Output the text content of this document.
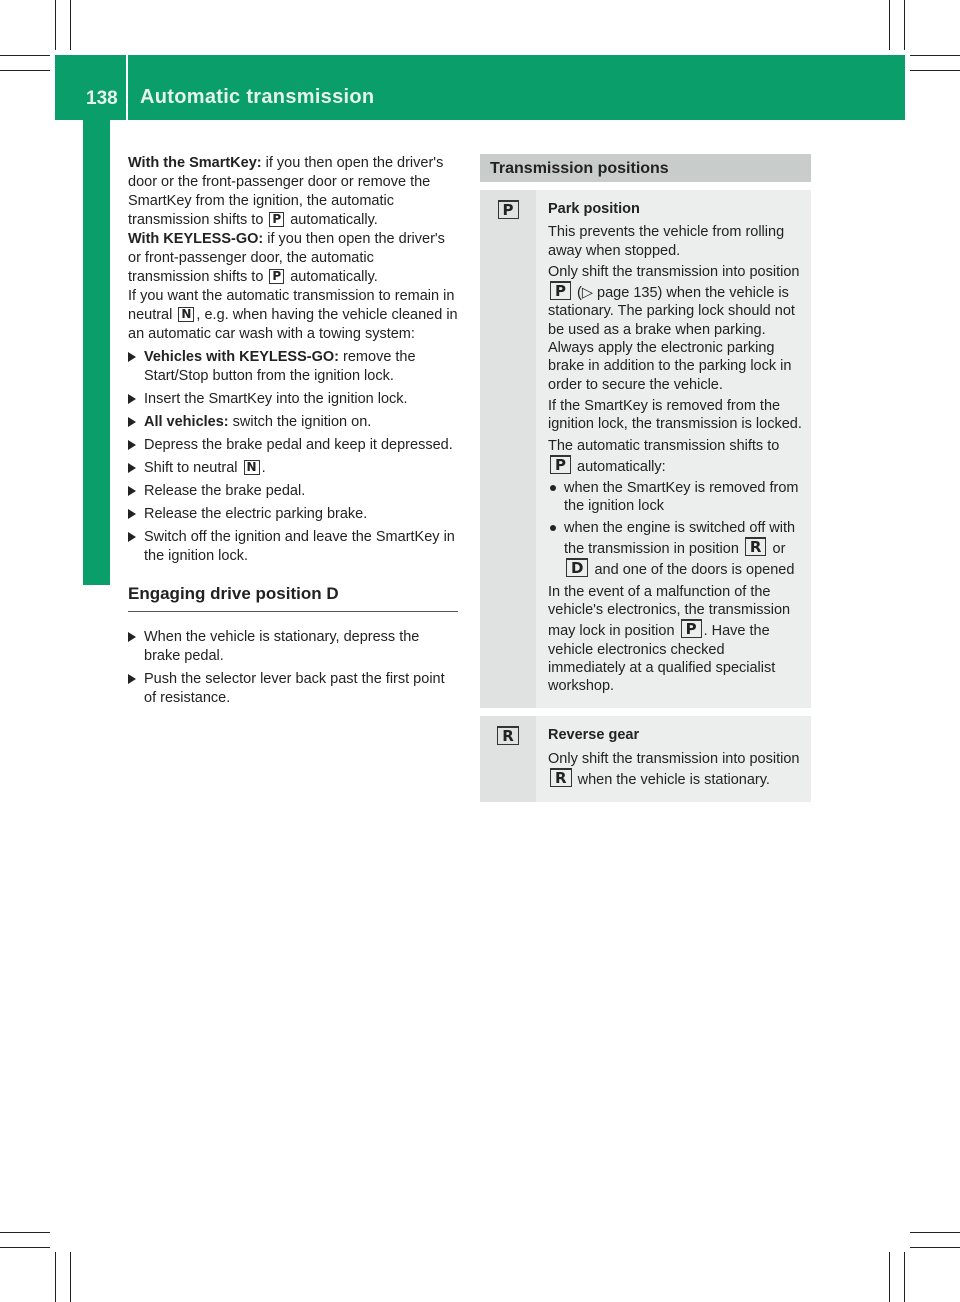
138 Automatic transmission
Driving and parking

With the SmartKey: if you then open the driver's door or the front-passenger door or remove the SmartKey from the ignition, the automatic transmission shifts to P automatically.

With KEYLESS-GO: if you then open the driver's or front-passenger door, the automatic transmission shifts to P automatically.

If you want the automatic transmission to remain in neutral N , e.g. when having the vehicle cleaned in an automatic car wash with a towing system:

Vehicles with KEYLESS-GO: remove the Start/Stop button from the ignition lock.
Insert the SmartKey into the ignition lock.
All vehicles: switch the ignition on.
Depress the brake pedal and keep it depressed.
Shift to neutral N .
Release the brake pedal.
Release the electric parking brake.
Switch off the ignition and leave the SmartKey in the ignition lock.
Engaging drive position D
When the vehicle is stationary, depress the brake pedal.
Push the selector lever back past the first point of resistance.
Transmission positions
P	Park position

This prevents the vehicle from rolling away when stopped.

Only shift the transmission into position P (▷ page 135) when the vehicle is stationary. The parking lock should not be used as a brake when parking. Always apply the electronic parking brake in addition to the parking lock in order to secure the vehicle.

If the SmartKey is removed from the ignition lock, the transmission is locked.

The automatic transmission shifts to P automatically:

when the SmartKey is removed from the ignition lock

when the engine is switched off with the transmission in position R or D and one of the doors is opened

In the event of a malfunction of the vehicle's electronics, the transmission may lock in position P . Have the vehicle electronics checked immediately at a qualified specialist workshop.

R	Reverse gear

Only shift the transmission into position R when the vehicle is stationary.
